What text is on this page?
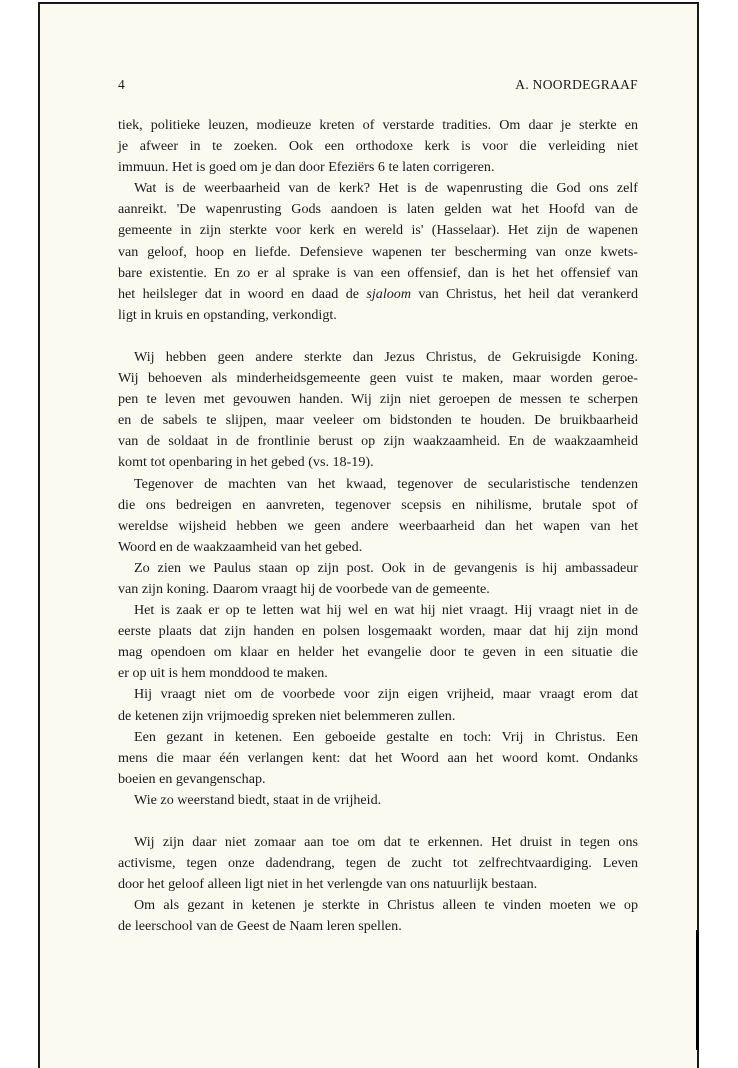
4	A. NOORDEGRAAF

tiek, politieke leuzen, modieuze kreten of verstarde tradities. Om daar je sterkte en
je afweer in te zoeken. Ook een orthodoxe kerk is voor die verleiding niet
immuun. Het is goed om je dan door Efeziërs 6 te laten corrigeren.

Wat is de weerbaarheid van de kerk? Het is de wapenrusting die God ons zelf
aanreikt. 'De wapenrusting Gods aandoen is laten gelden wat het Hoofd van de
gemeente in zijn sterkte voor kerk en wereld is' (Hasselaar). Het zijn de wapenen
van geloof, hoop en liefde. Defensieve wapenen ter bescherming van onze kwets-
bare existentie. En zo er al sprake is van een offensief, dan is het het offensief van
het heilsleger dat in woord en daad de sjaloom van Christus, het heil dat verankerd
ligt in kruis en opstanding, verkondigt.

Wij hebben geen andere sterkte dan Jezus Christus, de Gekruisigde Koning.
Wij behoeven als minderheidsgemeente geen vuist te maken, maar worden geroe-
pen te leven met gevouwen handen. Wij zijn niet geroepen de messen te scherpen
en de sabels te slijpen, maar veeleer om bidstonden te houden. De bruikbaarheid
van de soldaat in de frontlinie berust op zijn waakzaamheid. En de waakzaamheid
komt tot openbaring in het gebed (vs. 18-19).

Tegenover de machten van het kwaad, tegenover de secularistische tendenzen
die ons bedreigen en aanvreten, tegenover scepsis en nihilisme, brutale spot of
wereldse wijsheid hebben we geen andere weerbaarheid dan het wapen van het
Woord en de waakzaamheid van het gebed.

Zo zien we Paulus staan op zijn post. Ook in de gevangenis is hij ambassadeur
van zijn koning. Daarom vraagt hij de voorbede van de gemeente.

Het is zaak er op te letten wat hij wel en wat hij niet vraagt. Hij vraagt niet in de
eerste plaats dat zijn handen en polsen losgemaakt worden, maar dat hij zijn mond
mag opendoen om klaar en helder het evangelie door te geven in een situatie die
er op uit is hem monddood te maken.

Hij vraagt niet om de voorbede voor zijn eigen vrijheid, maar vraagt erom dat
de ketenen zijn vrijmoedig spreken niet belemmeren zullen.

Een gezant in ketenen. Een geboeide gestalte en toch: Vrij in Christus. Een
mens die maar één verlangen kent: dat het Woord aan het woord komt. Ondanks
boeien en gevangenschap.

Wie zo weerstand biedt, staat in de vrijheid.

Wij zijn daar niet zomaar aan toe om dat te erkennen. Het druist in tegen ons
activisme, tegen onze dadendrang, tegen de zucht tot zelfrechtvaardiging. Leven
door het geloof alleen ligt niet in het verlengde van ons natuurlijk bestaan.

Om als gezant in ketenen je sterkte in Christus alleen te vinden moeten we op
de leerschool van de Geest de Naam leren spellen.
